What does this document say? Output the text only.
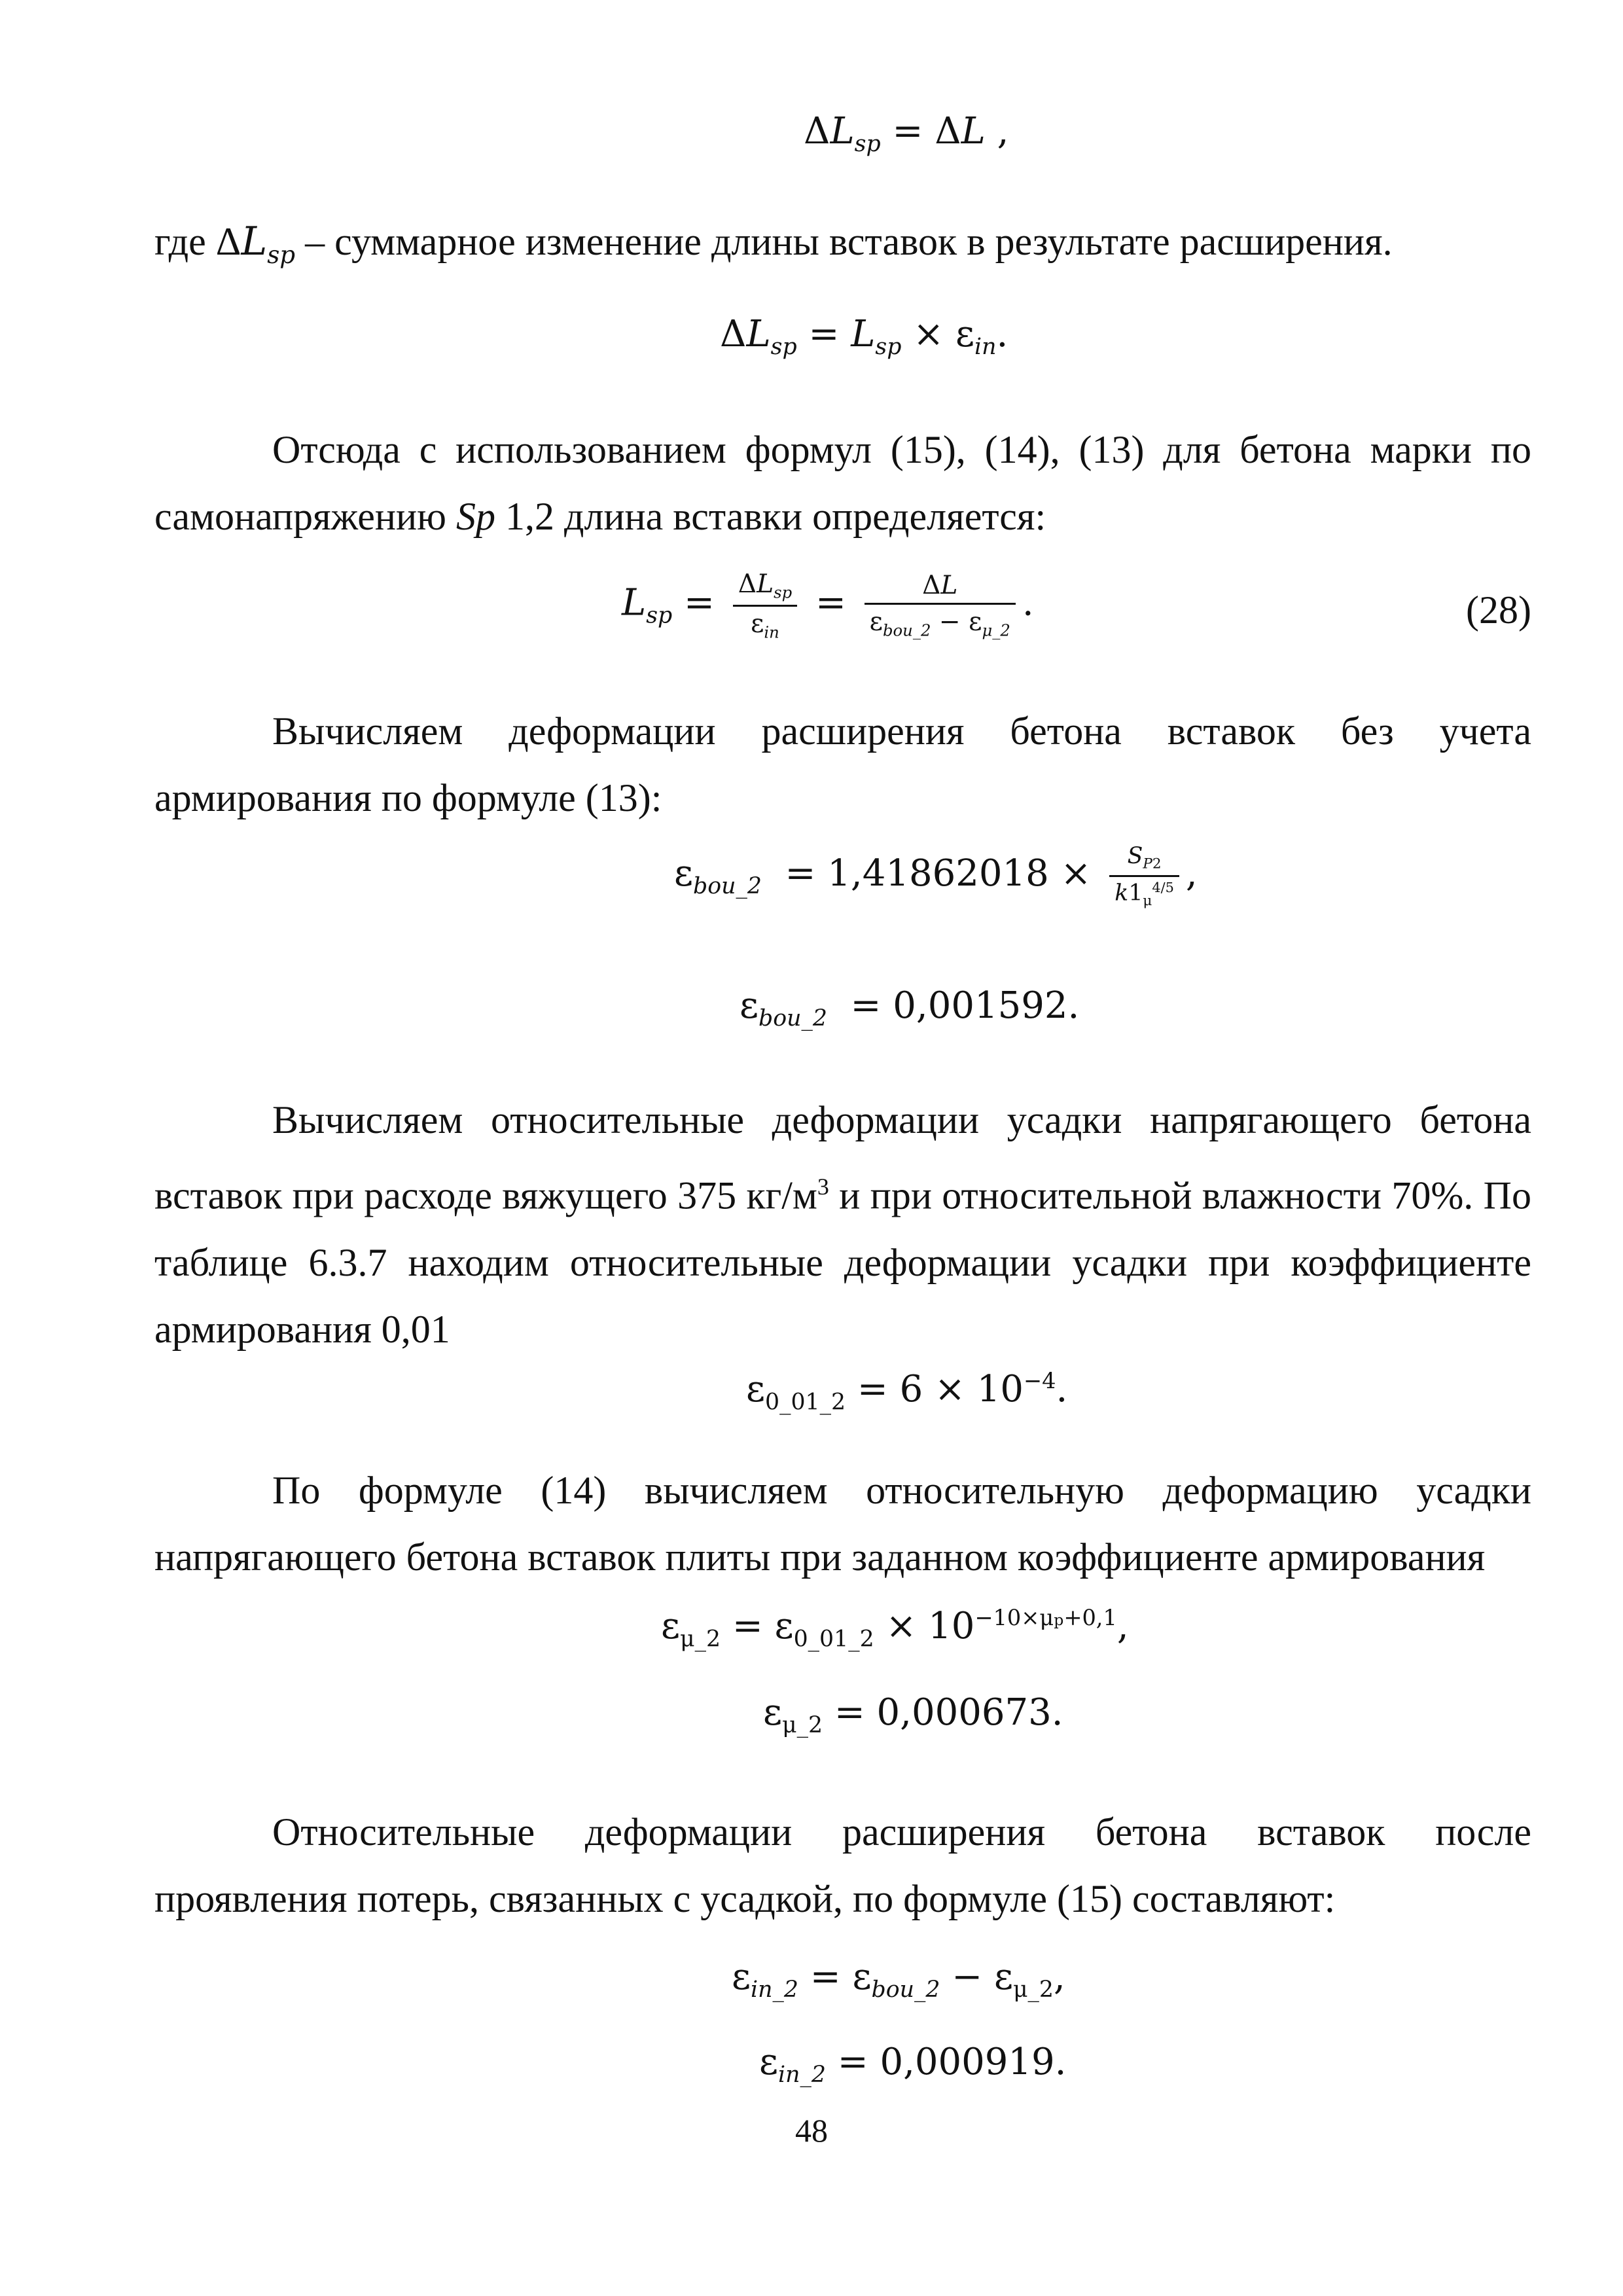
$\Delta L_{sp} = \Delta L$ ,

где $\Delta L_{sp}$ – суммарное изменение длины вставок в результате расширения.

$\Delta L_{sp} = L_{sp} \times \varepsilon_{in}$.

Отсюда с использованием формул (15), (14), (13) для бетона марки по самонапряжению Sp 1,2 длина вставки определяется:

$L_{sp} = \frac{\Delta L_{sp}}{\varepsilon_{in}} = \frac{\Delta L}{\varepsilon_{bou\_2} - \varepsilon_{\mu\_2}}$ .	(28)

Вычисляем деформации расширения бетона вставок без учета армирования по формуле (13):

$\varepsilon_{bou\_2} = 1,41862018 \times \frac{S_{P2}}{k1_\mu^{4/5}}$ ,
$\varepsilon_{bou\_2} = 0,001592$.

Вычисляем относительные деформации усадки напрягающего бетона вставок при расходе вяжущего 375 $кг/м^3$ и при относительной влажности 70%. По таблице 6.3.7 находим относительные деформации усадки при коэффициенте армирования 0,01

$\varepsilon_{0\_01\_2} = 6 \times 10^{-4}$.

По формуле (14) вычисляем относительную деформацию усадки напрягающего бетона вставок плиты при заданном коэффициенте армирования

$\varepsilon_{\mu\_2} = \varepsilon_{0\_01\_2} \times 10^{-10\times\mu p+0,1}$,
$\varepsilon_{\mu\_2} = 0,000673$.

Относительные деформации расширения бетона вставок после проявления потерь, связанных с усадкой, по формуле (15) составляют:

$\varepsilon_{in\_2} = \varepsilon_{bou\_2} - \varepsilon_{\mu\_2}$,
$\varepsilon_{in\_2} = 0,000919$.
48
